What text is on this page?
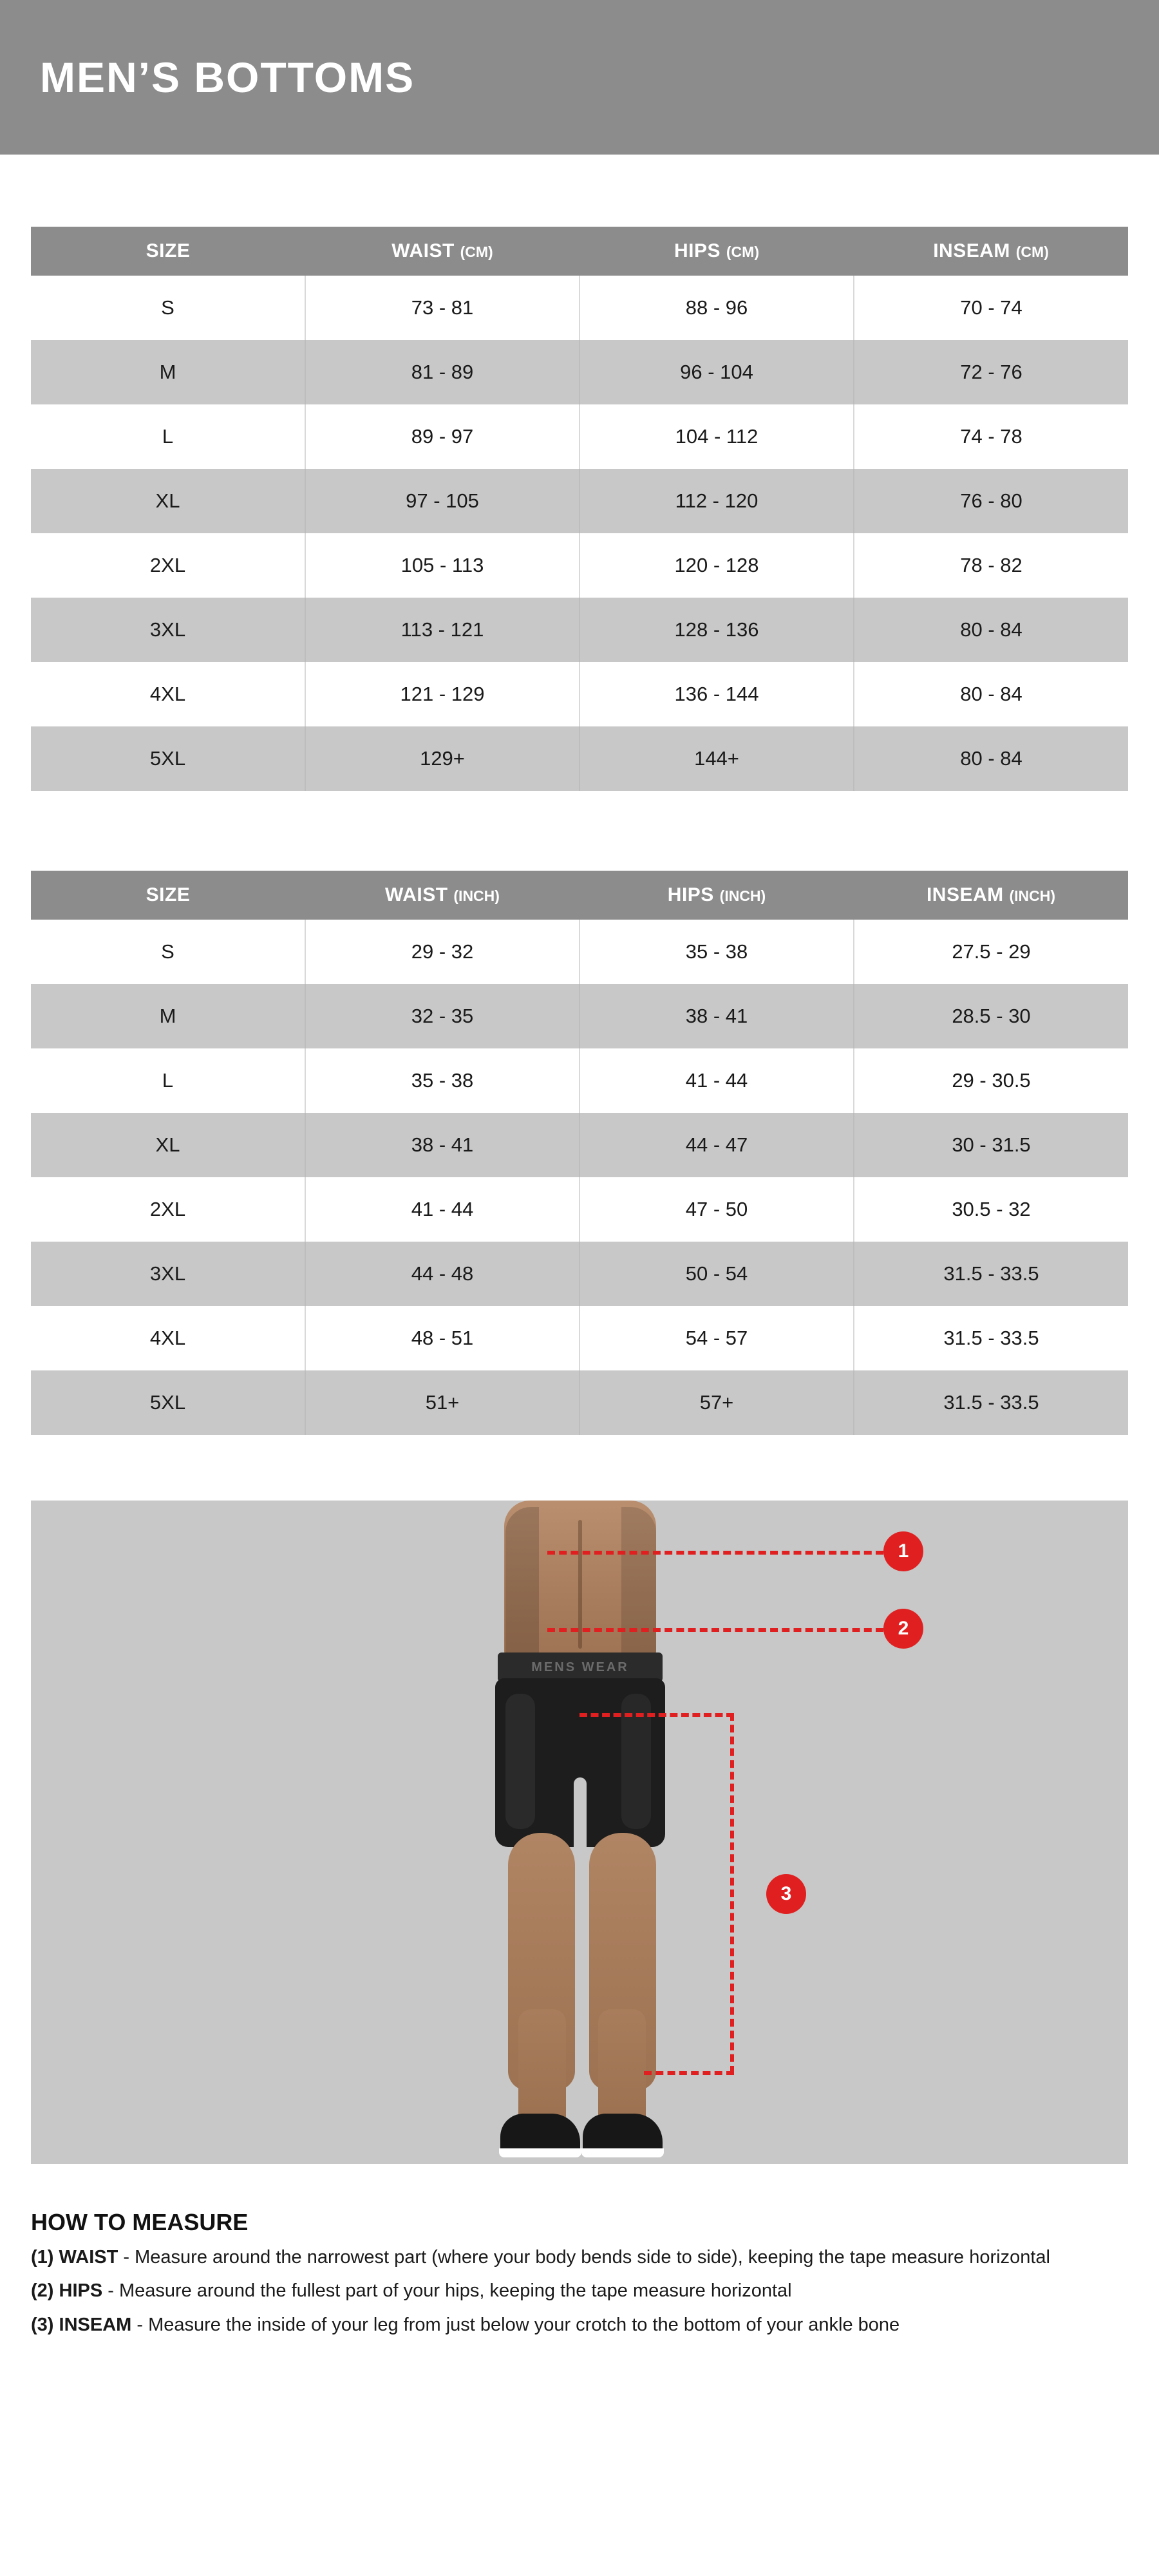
MEN’S BOTTOMS
SIZE	WAIST (CM)	HIPS (CM)	INSEAM (CM)
S	73 - 81	88 - 96	70 - 74
M	81 - 89	96 - 104	72 - 76
L	89 - 97	104 - 112	74 - 78
XL	97 - 105	112 - 120	76 - 80
2XL	105 - 113	120 - 128	78 - 82
3XL	113 - 121	128 - 136	80 - 84
4XL	121 - 129	136 - 144	80 - 84
5XL	129+	144+	80 - 84
SIZE	WAIST (INCH)	HIPS (INCH)	INSEAM (INCH)
S	29 - 32	35 - 38	27.5 - 29
M	32 - 35	38 - 41	28.5 - 30
L	35 - 38	41 - 44	29 - 30.5
XL	38 - 41	44 - 47	30 - 31.5
2XL	41 - 44	47 - 50	30.5 - 32
3XL	44 - 48	50 - 54	31.5 - 33.5
4XL	48 - 51	54 - 57	31.5 - 33.5
5XL	51+	57+	31.5 - 33.5
MENS WEAR
1
2
3
HOW TO MEASURE
(1) WAIST - Measure around the narrowest part (where your body bends side to side), keeping the tape measure horizontal
(2) HIPS - Measure around the fullest part of your hips, keeping the tape measure horizontal
(3) INSEAM - Measure the inside of your leg from just below your crotch to the bottom of your ankle bone
